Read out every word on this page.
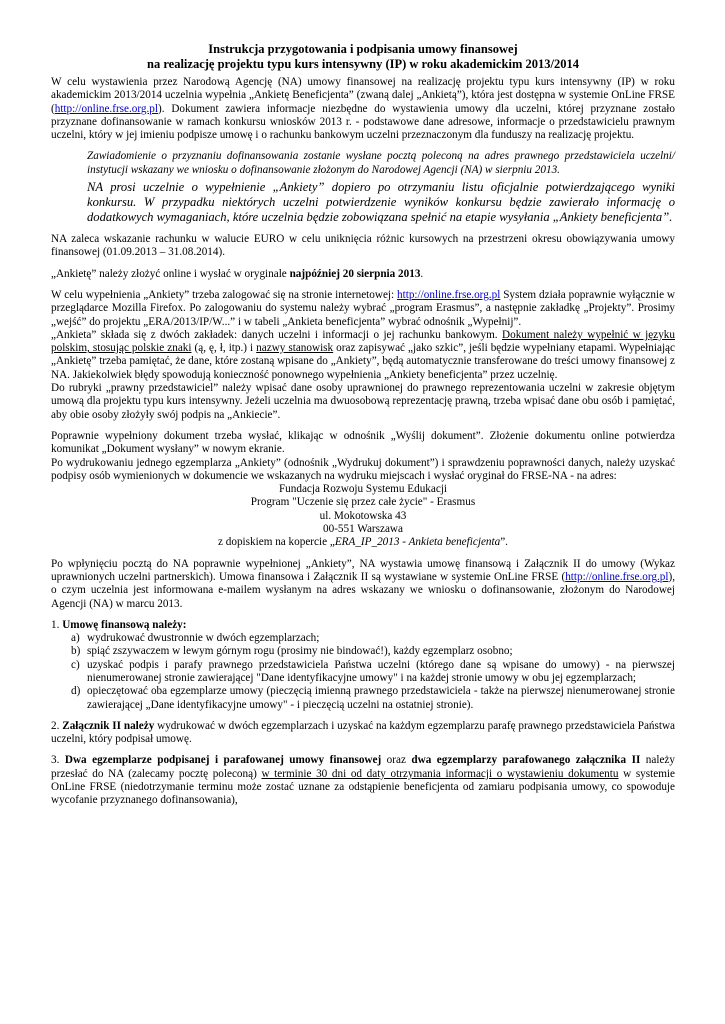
Instrukcja przygotowania i podpisania umowy finansowej
na realizację projektu typu kurs intensywny (IP) w roku akademickim 2013/2014

W celu wystawienia przez Narodową Agencję (NA) umowy finansowej na realizację projektu typu kurs intensywny (IP) w roku akademickim 2013/2014 uczelnia wypełnia „Ankietę Beneficjenta” (zwaną dalej „Ankietą”), która jest dostępna w systemie OnLine FRSE (http://online.frse.org.pl). Dokument zawiera informacje niezbędne do wystawienia umowy dla uczelni, której przyznane zostało przyznane dofinansowanie w ramach konkursu wniosków 2013 r. - podstawowe dane adresowe, informacje o przedstawicielu prawnym uczelni, który w jej imieniu podpisze umowę i o rachunku bankowym uczelni przeznaczonym dla funduszy na realizację projektu.

Zawiadomienie o przyznaniu dofinansowania zostanie wysłane pocztą poleconą na adres prawnego przedstawiciela uczelni/ instytucji wskazany we wniosku o dofinansowanie złożonym do Narodowej Agencji (NA) w sierpniu 2013.

NA prosi uczelnie o wypełnienie „Ankiety” dopiero po otrzymaniu listu oficjalnie potwierdzającego wyniki konkursu. W przypadku niektórych uczelni potwierdzenie wyników konkursu będzie zawierało informację o dodatkowych wymaganiach, które uczelnia będzie zobowiązana spełnić na etapie wysyłania „Ankiety beneficjenta”.

NA zaleca wskazanie rachunku w walucie EURO w celu uniknięcia różnic kursowych na przestrzeni okresu obowiązywania umowy finansowej (01.09.2013 – 31.08.2014).

„Ankietę” należy złożyć online i wysłać w oryginale najpóźniej 20 sierpnia 2013.

W celu wypełnienia „Ankiety” trzeba zalogować się na stronie internetowej: http://online.frse.org.pl System działa poprawnie wyłącznie w przeglądarce Mozilla Firefox. Po zalogowaniu do systemu należy wybrać „program Erasmus”, a następnie zakładkę „Projekty”. Prosimy „wejść” do projektu „ERA/2013/IP/W...” i w tabeli „Ankieta beneficjenta” wybrać odnośnik „Wypełnij”.

„Ankieta” składa się z dwóch zakładek: danych uczelni i informacji o jej rachunku bankowym. Dokument należy wypełnić w języku polskim, stosując polskie znaki (ą, ę, ł, itp.) i nazwy stanowisk oraz zapisywać „jako szkic”, jeśli będzie wypełniany etapami. Wypełniając „Ankietę” trzeba pamiętać, że dane, które zostaną wpisane do „Ankiety”, będą automatycznie transferowane do treści umowy finansowej z NA. Jakiekolwiek błędy spowodują konieczność ponownego wypełnienia „Ankiety beneficjenta” przez uczelnię.

Do rubryki „prawny przedstawiciel” należy wpisać dane osoby uprawnionej do prawnego reprezentowania uczelni w zakresie objętym umową dla projektu typu kurs intensywny. Jeżeli uczelnia ma dwuosobową reprezentację prawną, trzeba wpisać dane obu osób i pamiętać, aby obie osoby złożyły swój podpis na „Ankiecie”.

Poprawnie wypełniony dokument trzeba wysłać, klikając w odnośnik „Wyślij dokument”. Złożenie dokumentu online potwierdza komunikat „Dokument wysłany” w nowym ekranie.

Po wydrukowaniu jednego egzemplarza „Ankiety” (odnośnik „Wydrukuj dokument”) i sprawdzeniu poprawności danych, należy uzyskać podpisy osób wymienionych w dokumencie we wskazanych na wydruku miejscach i wysłać oryginał do FRSE-NA - na adres:

Fundacja Rozwoju Systemu Edukacji
Program "Uczenie się przez całe życie" - Erasmus
ul. Mokotowska 43
00-551 Warszawa
z dopiskiem na kopercie „ERA_IP_2013 - Ankieta beneficjenta”.

Po wpłynięciu pocztą do NA poprawnie wypełnionej „Ankiety”, NA wystawia umowę finansową i Załącznik II do umowy (Wykaz uprawnionych uczelni partnerskich). Umowa finansowa i Załącznik II są wystawiane w systemie OnLine FRSE (http://online.frse.org.pl), o czym uczelnia jest informowana e-mailem wysłanym na adres wskazany we wniosku o dofinansowanie, złożonym do Narodowej Agencji (NA) w marcu 2013.

1. Umowę finansową należy:

a) wydrukować dwustronnie w dwóch egzemplarzach;
b) spiąć zszywaczem w lewym górnym rogu (prosimy nie bindować!), każdy egzemplarz osobno;
c) uzyskać podpis i parafy prawnego przedstawiciela Państwa uczelni (którego dane są wpisane do umowy) - na pierwszej nienumerowanej stronie zawierającej "Dane identyfikacyjne umowy" i na każdej stronie umowy w obu jej egzemplarzach;
d) opieczętować oba egzemplarze umowy (pieczęcią imienną prawnego przedstawiciela - także na pierwszej nienumerowanej stronie zawierającej „Dane identyfikacyjne umowy" - i pieczęcią uczelni na ostatniej stronie).

2. Załącznik II należy wydrukować w dwóch egzemplarzach i uzyskać na każdym egzemplarzu parafę prawnego przedstawiciela Państwa uczelni, który podpisał umowę.

3. Dwa egzemplarze podpisanej i parafowanej umowy finansowej oraz dwa egzemplarzy parafowanego załącznika II należy przesłać do NA (zalecamy pocztę poleconą) w terminie 30 dni od daty otrzymania informacji o wystawieniu dokumentu w systemie OnLine FRSE (niedotrzymanie terminu może zostać uznane za odstąpienie beneficjenta od zamiaru podpisania umowy, co spowoduje wycofanie przyznanego dofinansowania),
